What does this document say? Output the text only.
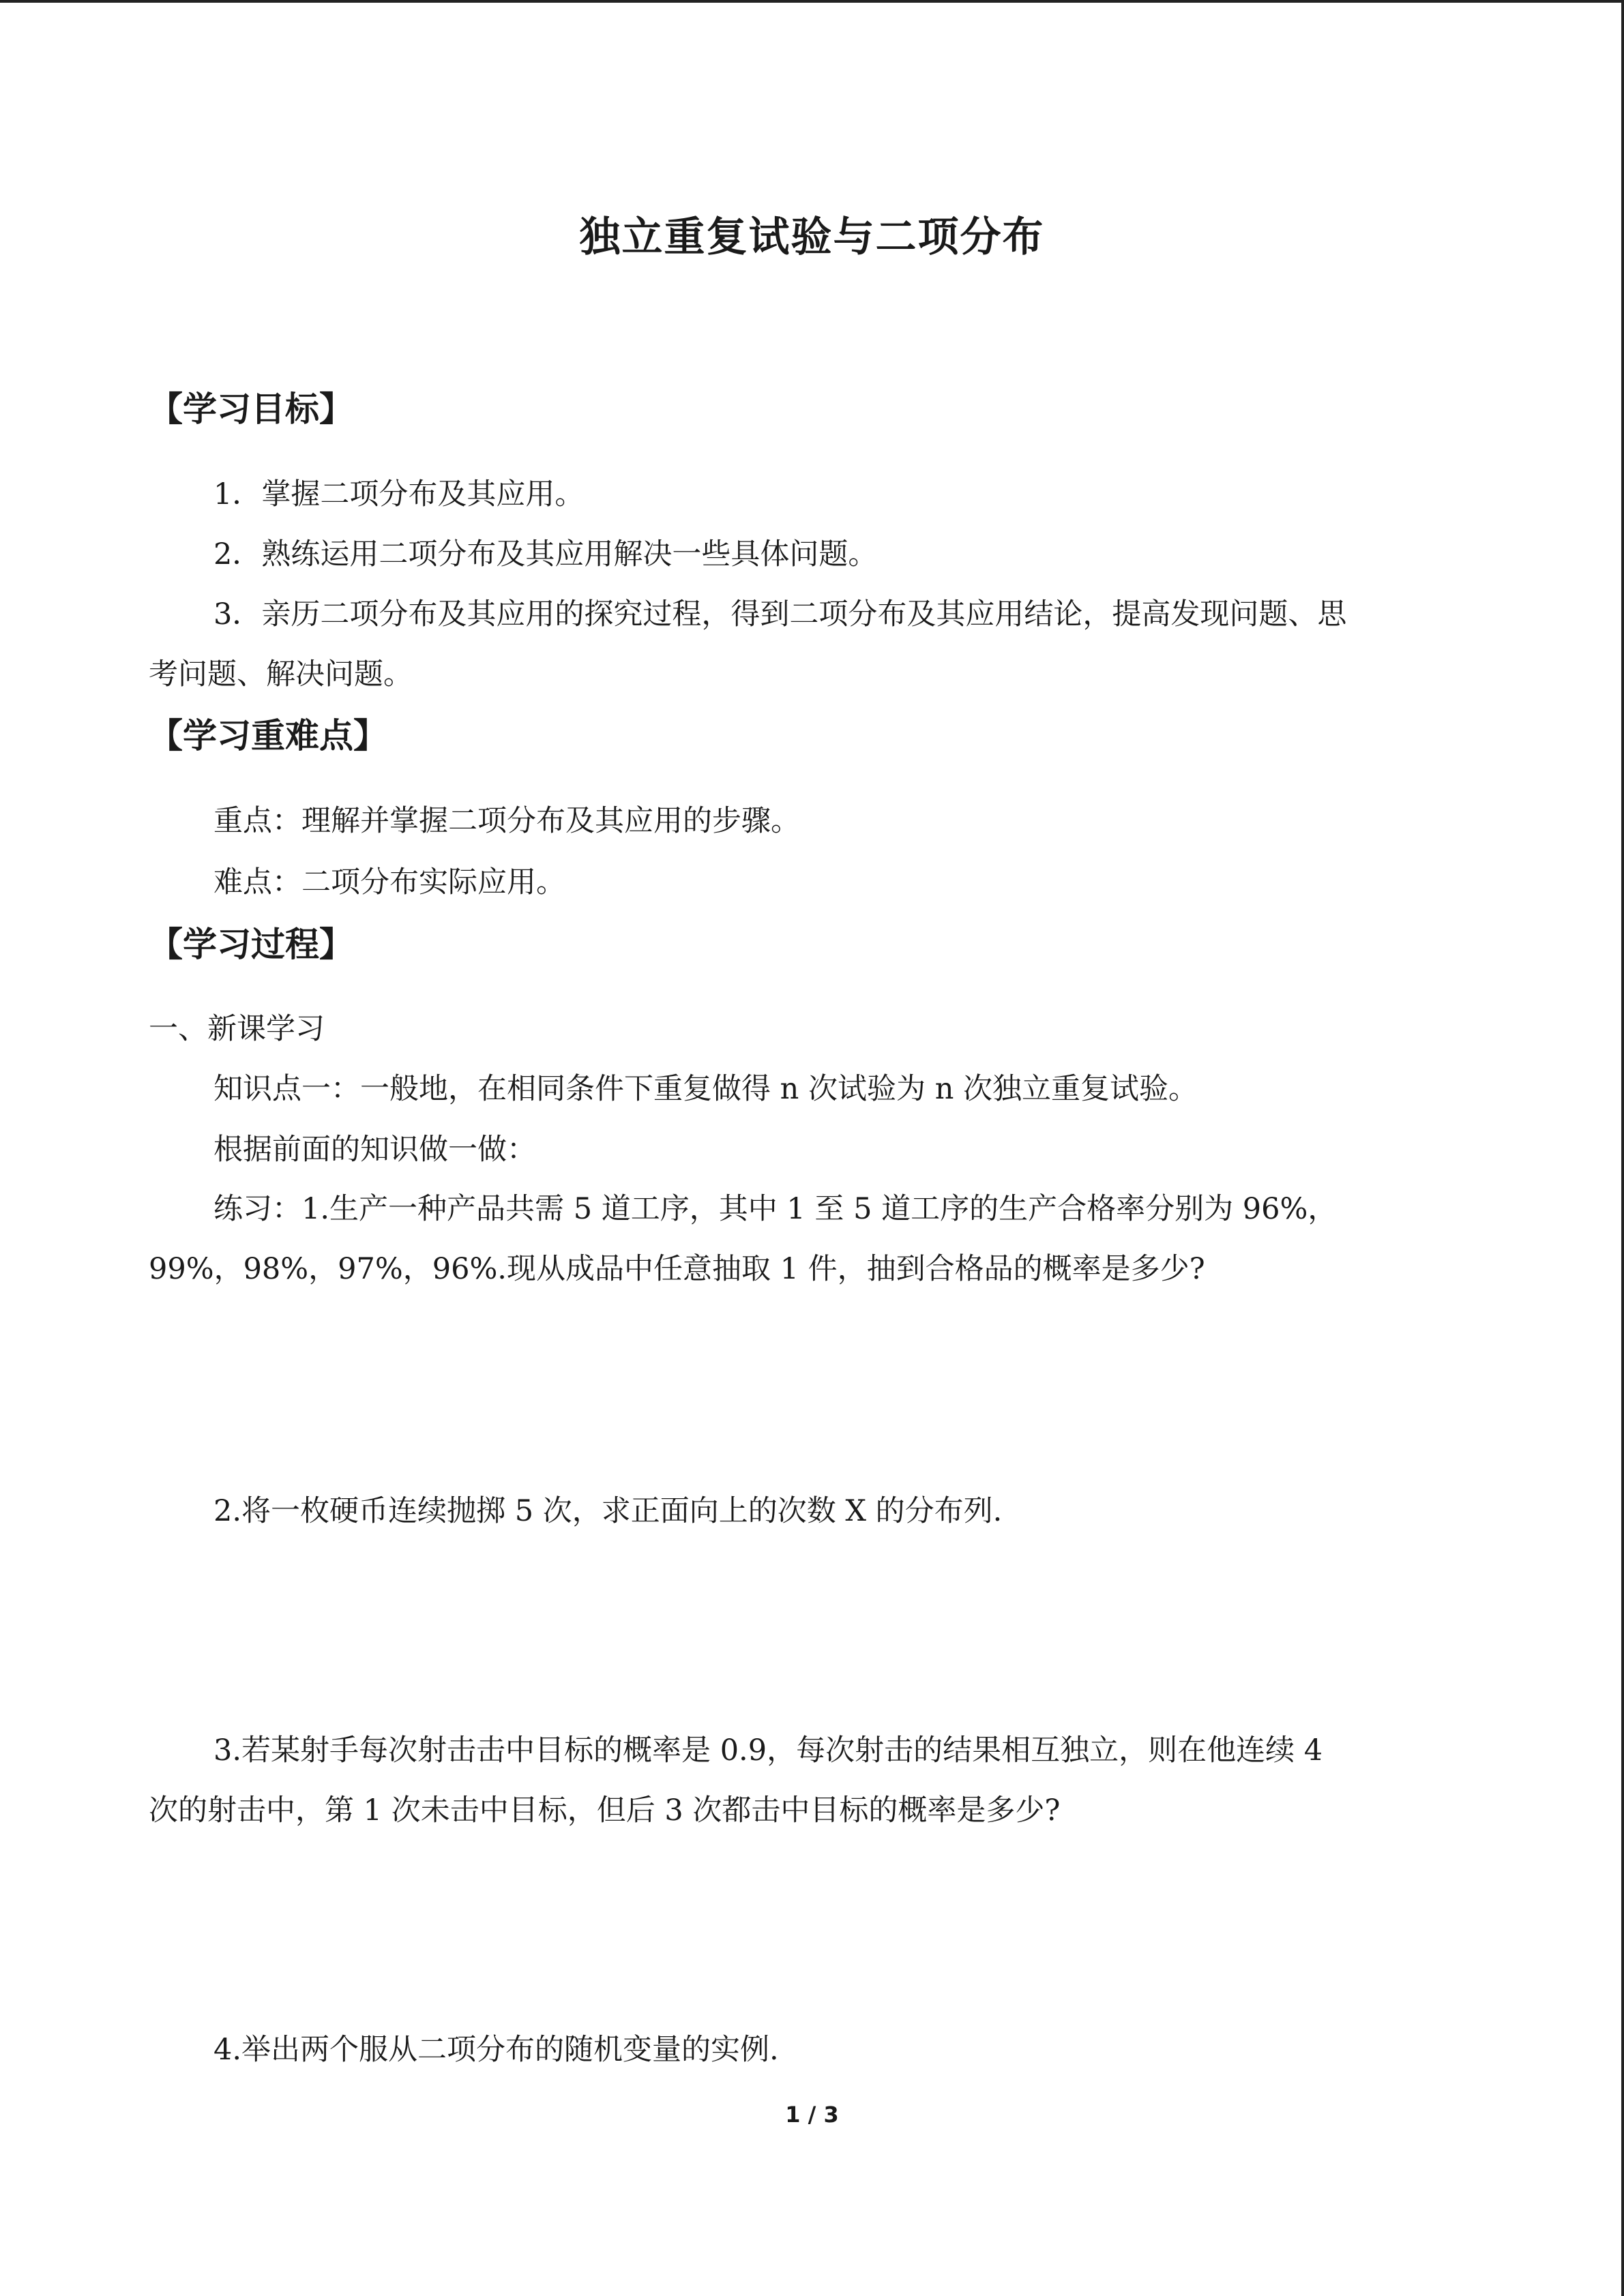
独立重复试验与二项分布
【学习目标】
1．掌握二项分布及其应用。
2．熟练运用二项分布及其应用解决一些具体问题。
3．亲历二项分布及其应用的探究过程，得到二项分布及其应用结论，提高发现问题、思
考问题、解决问题。
【学习重难点】
重点：理解并掌握二项分布及其应用的步骤。
难点：二项分布实际应用。
【学习过程】
一、新课学习
知识点一：一般地，在相同条件下重复做得 n 次试验为 n 次独立重复试验。
根据前面的知识做一做：
练习：1.生产一种产品共需 5 道工序，其中 1 至 5 道工序的生产合格率分别为 96%，
99%，98%，97%，96%.现从成品中任意抽取 1 件，抽到合格品的概率是多少?
2.将一枚硬币连续抛掷 5 次，求正面向上的次数 X 的分布列.
3.若某射手每次射击击中目标的概率是 0.9，每次射击的结果相互独立，则在他连续 4
次的射击中，第 1 次未击中目标，但后 3 次都击中目标的概率是多少?
4.举出两个服从二项分布的随机变量的实例.
1 / 3
